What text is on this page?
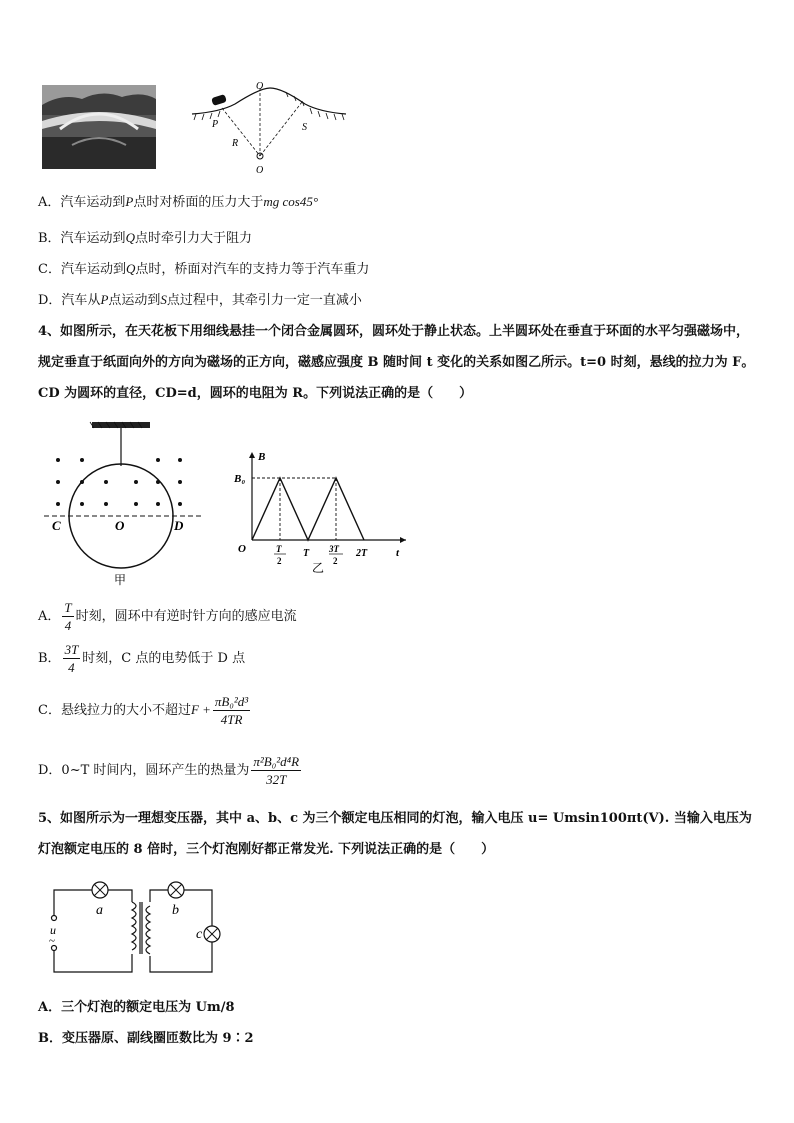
O
P	S
R
O
A．汽车运动到P点时对桥面的压力大于mg cos45°
B．汽车运动到Q点时牵引力大于阻力
C．汽车运动到Q点时，桥面对汽车的支持力等于汽车重力
D．汽车从P点运动到S点过程中，其牵引力一定一直减小
4、如图所示，在天花板下用细线悬挂一个闭合金属圆环，圆环处于静止状态。上半圆环处在垂直于环面的水平匀强磁场中，规定垂直于纸面向外的方向为磁场的正方向，磁感应强度 B 随时间 t 变化的关系如图乙所示。t=0 时刻，悬线的拉力为 F。CD 为圆环的直径，CD=d，圆环的电阻为 R。下列说法正确的是（　　）
C	O	D
甲
B
B₀
O	t
T
2
T 3T
2
2T
乙
A． $\frac{T}{4}$ 时刻，圆环中有逆时针方向的感应电流
B． $\frac{3T}{4}$ 时刻，C 点的电势低于 D 点
C．悬线拉力的大小不超过$F + \frac{\text{πB₀²d³}}{4TR}$
D．0~T 时间内，圆环产生的热量为 $\frac{\text{π²B₀²d⁴R}}{32T}$
5、如图所示为一理想变压器，其中 a、b、c 为三个额定电压相同的灯泡，输入电压 u= Umsin100πt(V). 当输入电压为灯泡额定电压的 8 倍时，三个灯泡刚好都正常发光. 下列说法正确的是（　　）
u
~
a	b
c
A．三个灯泡的额定电压为 Um/8
B．变压器原、副线圈匝数比为 9∶2
